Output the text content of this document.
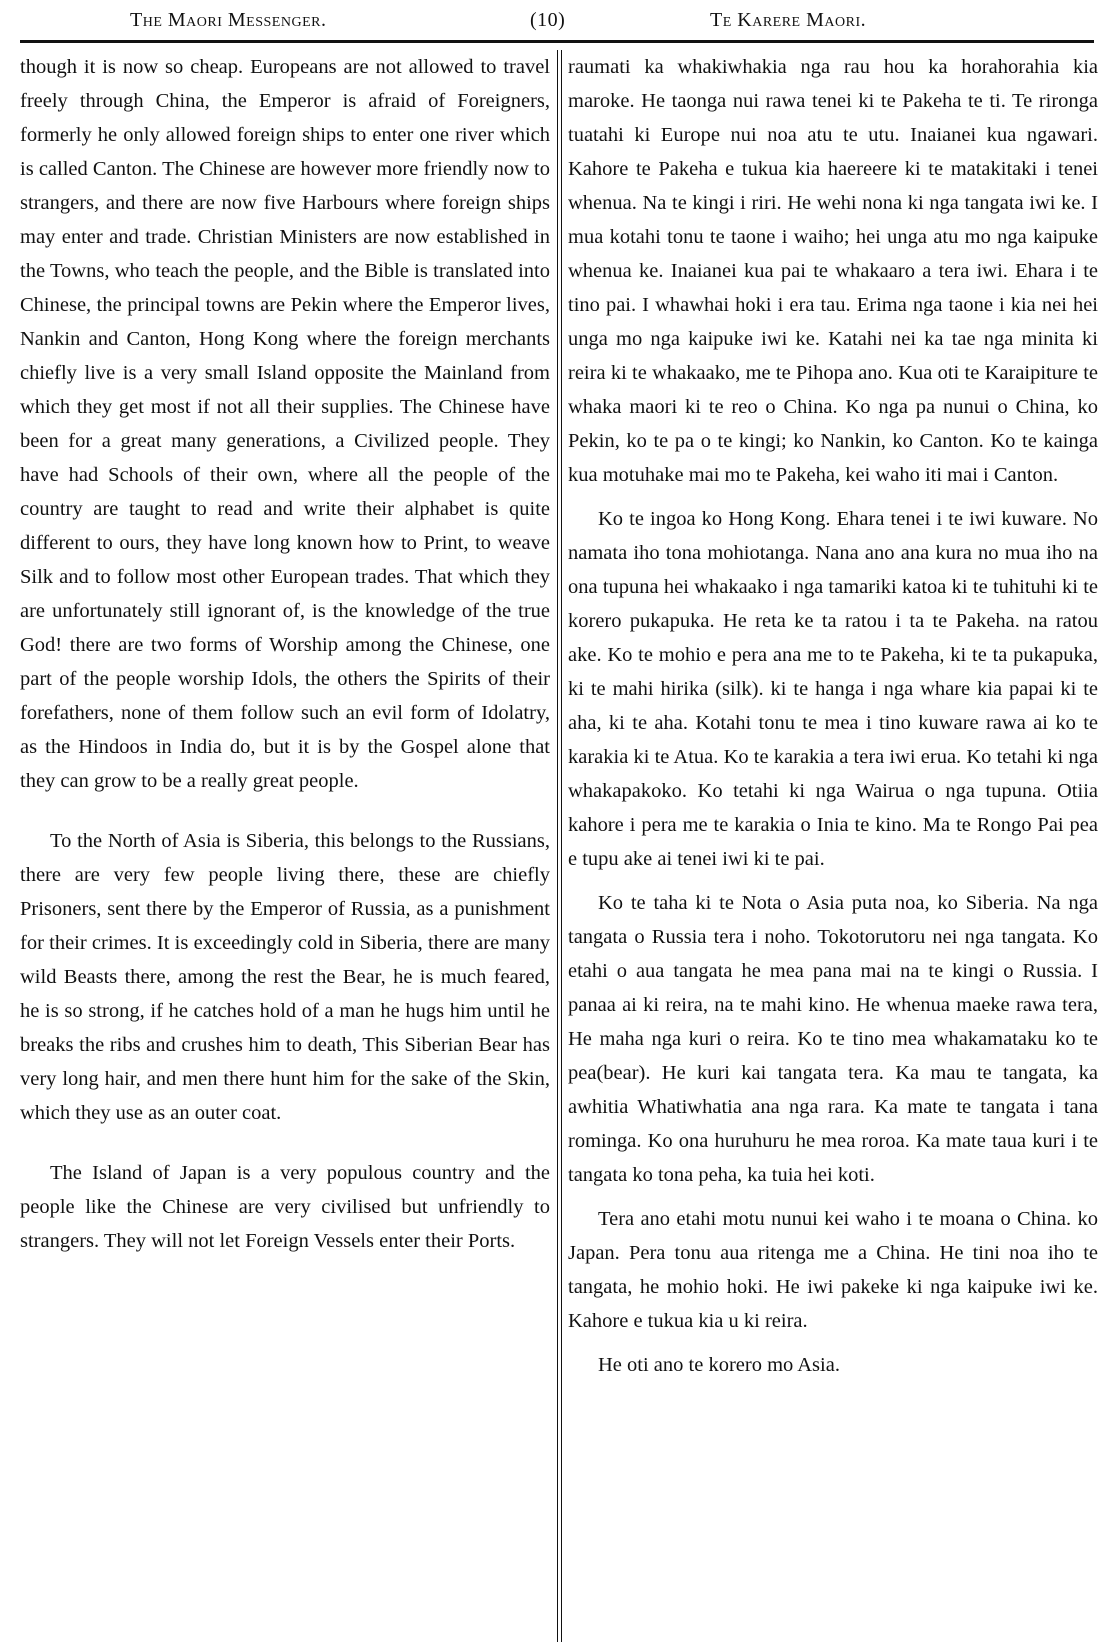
The Maori Messenger.	(10)	Te Karere Maori.

though it is now so cheap. Europeans are not allowed to travel freely through China, the Emperor is afraid of Foreigners, formerly he only allowed foreign ships to enter one river which is called Canton. The Chinese are however more friendly now to strangers, and there are now five Harbours where foreign ships may enter and trade. Christian Ministers are now established in the Towns, who teach the people, and the Bible is translated into Chinese, the principal towns are Pekin where the Emperor lives, Nankin and Canton, Hong Kong where the foreign merchants chiefly live is a very small Island opposite the Mainland from which they get most if not all their supplies. The Chinese have been for a great many generations, a Civilized people. They have had Schools of their own, where all the people of the country are taught to read and write their alphabet is quite different to ours, they have long known how to Print, to weave Silk and to follow most other European trades. That which they are unfortunately still ignorant of, is the knowledge of the true God! there are two forms of Worship among the Chinese, one part of the people worship Idols, the others the Spirits of their forefathers, none of them follow such an evil form of Idolatry, as the Hindoos in India do, but it is by the Gospel alone that they can grow to be a really great people.

To the North of Asia is Siberia, this belongs to the Russians, there are very few people living there, these are chiefly Prisoners, sent there by the Emperor of Russia, as a punishment for their crimes. It is exceedingly cold in Siberia, there are many wild Beasts there, among the rest the Bear, he is much feared, he is so strong, if he catches hold of a man he hugs him until he breaks the ribs and crushes him to death, This Siberian Bear has very long hair, and men there hunt him for the sake of the Skin, which they use as an outer coat.

The Island of Japan is a very populous country and the people like the Chinese are very civilised but unfriendly to strangers. They will not let Foreign Vessels enter their Ports.

raumati ka whakiwhakia nga rau hou ka horahorahia kia maroke. He taonga nui rawa tenei ki te Pakeha te ti. Te rironga tuatahi ki Europe nui noa atu te utu. Inaianei kua ngawari. Kahore te Pakeha e tukua kia haereere ki te matakitaki i tenei whenua. Na te kingi i riri. He wehi nona ki nga tangata iwi ke. I mua kotahi tonu te taone i waiho; hei unga atu mo nga kaipuke whenua ke. Inaianei kua pai te whakaaro a tera iwi. Ehara i te tino pai. I whawhai hoki i era tau. Erima nga taone i kia nei hei unga mo nga kaipuke iwi ke. Katahi nei ka tae nga minita ki reira ki te whakaako, me te Pihopa ano. Kua oti te Karaipiture te whaka maori ki te reo o China. Ko nga pa nunui o China, ko Pekin, ko te pa o te kingi; ko Nankin, ko Canton. Ko te kainga kua motuhake mai mo te Pakeha, kei waho iti mai i Canton.

Ko te ingoa ko Hong Kong. Ehara tenei i te iwi kuware. No namata iho tona mohiotanga. Nana ano ana kura no mua iho na ona tupuna hei whakaako i nga tamariki katoa ki te tuhituhi ki te korero pukapuka. He reta ke ta ratou i ta te Pakeha. na ratou ake. Ko te mohio e pera ana me to te Pakeha, ki te ta pukapuka, ki te mahi hirika (silk). ki te hanga i nga whare kia papai ki te aha, ki te aha. Kotahi tonu te mea i tino kuware rawa ai ko te karakia ki te Atua. Ko te karakia a tera iwi erua. Ko tetahi ki nga whakapakoko. Ko tetahi ki nga Wairua o nga tupuna. Otiia kahore i pera me te karakia o Inia te kino. Ma te Rongo Pai pea e tupu ake ai tenei iwi ki te pai.

Ko te taha ki te Nota o Asia puta noa, ko Siberia. Na nga tangata o Russia tera i noho. Tokotorutoru nei nga tangata. Ko etahi o aua tangata he mea pana mai na te kingi o Russia. I panaa ai ki reira, na te mahi kino. He whenua maeke rawa tera, He maha nga kuri o reira. Ko te tino mea whakamataku ko te pea(bear). He kuri kai tangata tera. Ka mau te tangata, ka awhitia Whatiwhatia ana nga rara. Ka mate te tangata i tana rominga. Ko ona huruhuru he mea roroa. Ka mate taua kuri i te tangata ko tona peha, ka tuia hei koti.

Tera ano etahi motu nunui kei waho i te moana o China. ko Japan. Pera tonu aua ritenga me a China. He tini noa iho te tangata, he mohio hoki. He iwi pakeke ki nga kaipuke iwi ke. Kahore e tukua kia u ki reira.

He oti ano te korero mo Asia.
